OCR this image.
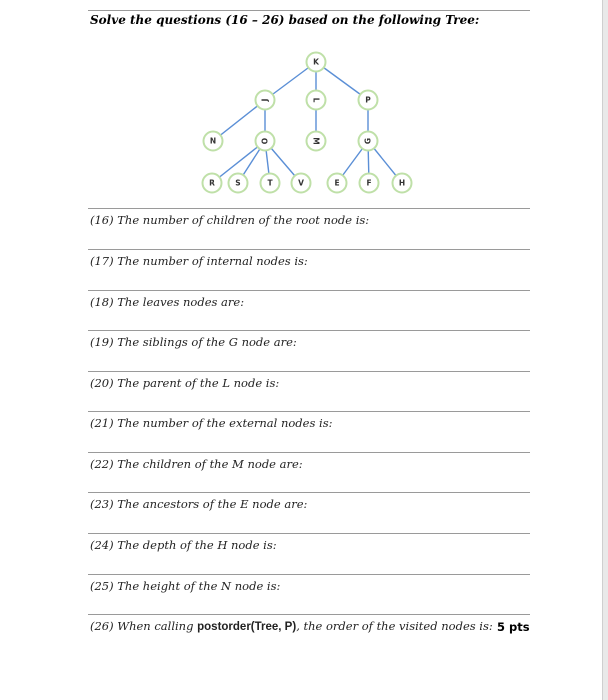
Solve the questions (16 – 26) based on the following Tree:
K
J	L	P
N	O	M	G
R	S	T	V	E	F	H
(16) The number of children of the root node is:
(17) The number of internal nodes is:
(18) The leaves nodes are:
(19) The siblings of the G node are:
(20) The parent of the L node is:
(21) The number of the external nodes is:
(22) The children of the M node are:
(23) The ancestors of the E node are:
(24) The depth of the H node is:
(25) The height of the N node is:
(26) When calling postorder(Tree, P), the order of the visited nodes is: 5 pts
